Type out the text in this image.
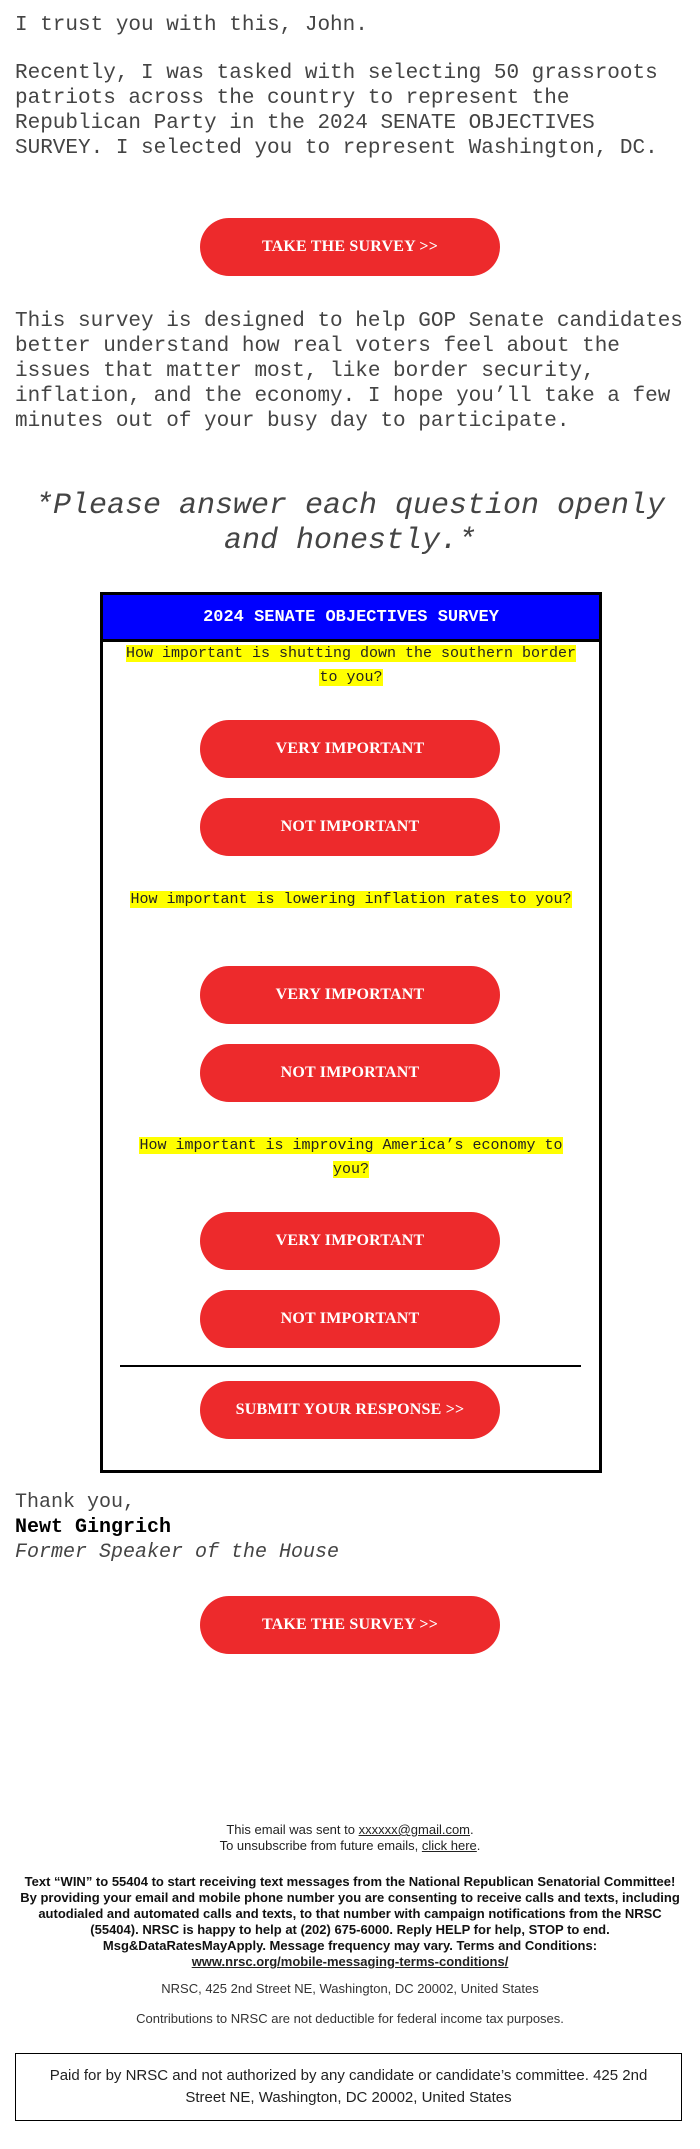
I trust you with this, John.

Recently, I was tasked with selecting 50 grassroots patriots across the country to represent the Republican Party in the 2024 SENATE OBJECTIVES SURVEY. I selected you to represent Washington, DC.

TAKE THE SURVEY >>

This survey is designed to help GOP Senate candidates better understand how real voters feel about the issues that matter most, like border security, inflation, and the economy. I hope you’ll take a few minutes out of your busy day to participate.

*Please answer each question openly and honestly.*

2024 SENATE OBJECTIVES SURVEY

How important is shutting down the southern border to you?

VERY IMPORTANT
NOT IMPORTANT

How important is lowering inflation rates to you?

VERY IMPORTANT
NOT IMPORTANT

How important is improving America’s economy to you?

VERY IMPORTANT
NOT IMPORTANT
SUBMIT YOUR RESPONSE >>
Thank you,
Newt Gingrich
Former Speaker of the House
TAKE THE SURVEY >>

This email was sent to xxxxxx@gmail.com.
To unsubscribe from future emails, click here.

Text “WIN” to 55404 to start receiving text messages from the National Republican Senatorial Committee! By providing your email and mobile phone number you are consenting to receive calls and texts, including autodialed and automated calls and texts, to that number with campaign notifications from the NRSC (55404). NRSC is happy to help at (202) 675-6000. Reply HELP for help, STOP to end. Msg&DataRatesMayApply. Message frequency may vary. Terms and Conditions:
www.nrsc.org/mobile-messaging-terms-conditions/

NRSC, 425 2nd Street NE, Washington, DC 20002, United States

Contributions to NRSC are not deductible for federal income tax purposes.

Paid for by NRSC and not authorized by any candidate or candidate’s committee. 425 2nd Street NE, Washington, DC 20002, United States
